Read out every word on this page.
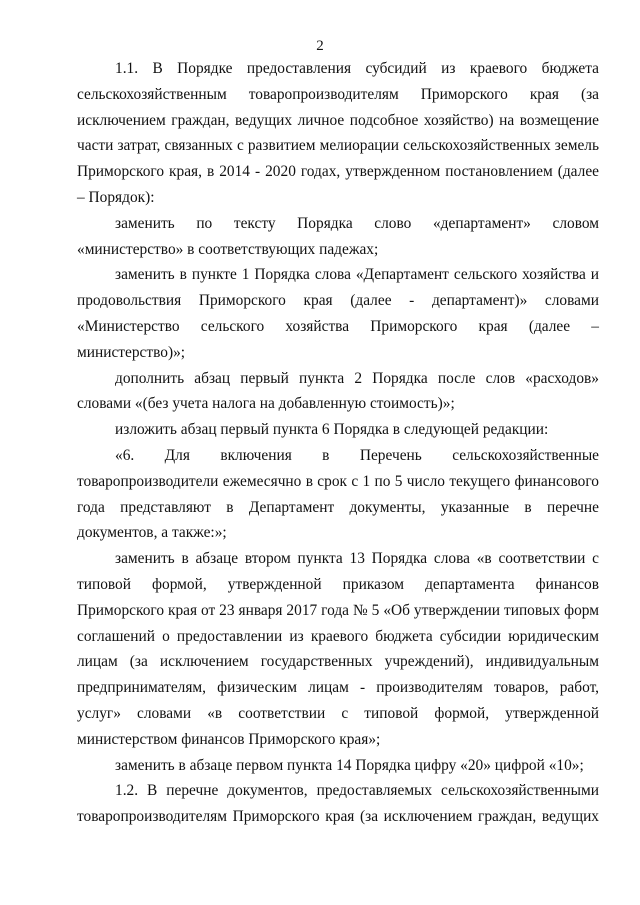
2

1.1. В Порядке предоставления субсидий из краевого бюджета сельскохозяйственным товаропроизводителям Приморского края (за исключением граждан, ведущих личное подсобное хозяйство) на возмещение части затрат, связанных с развитием мелиорации сельскохозяйственных земель Приморского края, в 2014 - 2020 годах, утвержденном постановлением (далее – Порядок):

заменить по тексту Порядка слово «департамент» словом «министерство» в соответствующих падежах;

заменить в пункте 1 Порядка слова «Департамент сельского хозяйства и продовольствия Приморского края (далее - департамент)» словами «Министерство сельского хозяйства Приморского края (далее – министерство)»;

дополнить абзац первый пункта 2 Порядка после слов «расходов» словами «(без учета налога на добавленную стоимость)»;

изложить абзац первый пункта 6 Порядка в следующей редакции:

«6. Для включения в Перечень сельскохозяйственные товаропроизводители ежемесячно в срок с 1 по 5 число текущего финансового года представляют в Департамент документы, указанные в перечне документов, а также:»;

заменить в абзаце втором пункта 13 Порядка слова «в соответствии с типовой формой, утвержденной приказом департамента финансов Приморского края от 23 января 2017 года № 5 «Об утверждении типовых форм соглашений о предоставлении из краевого бюджета субсидии юридическим лицам (за исключением государственных учреждений), индивидуальным предпринимателям, физическим лицам - производителям товаров, работ, услуг» словами «в соответствии с типовой формой, утвержденной министерством финансов Приморского края»;

заменить в абзаце первом пункта 14 Порядка цифру «20» цифрой «10»;

1.2. В перечне документов, предоставляемых сельскохозяйственными товаропроизводителям Приморского края (за исключением граждан, ведущих
